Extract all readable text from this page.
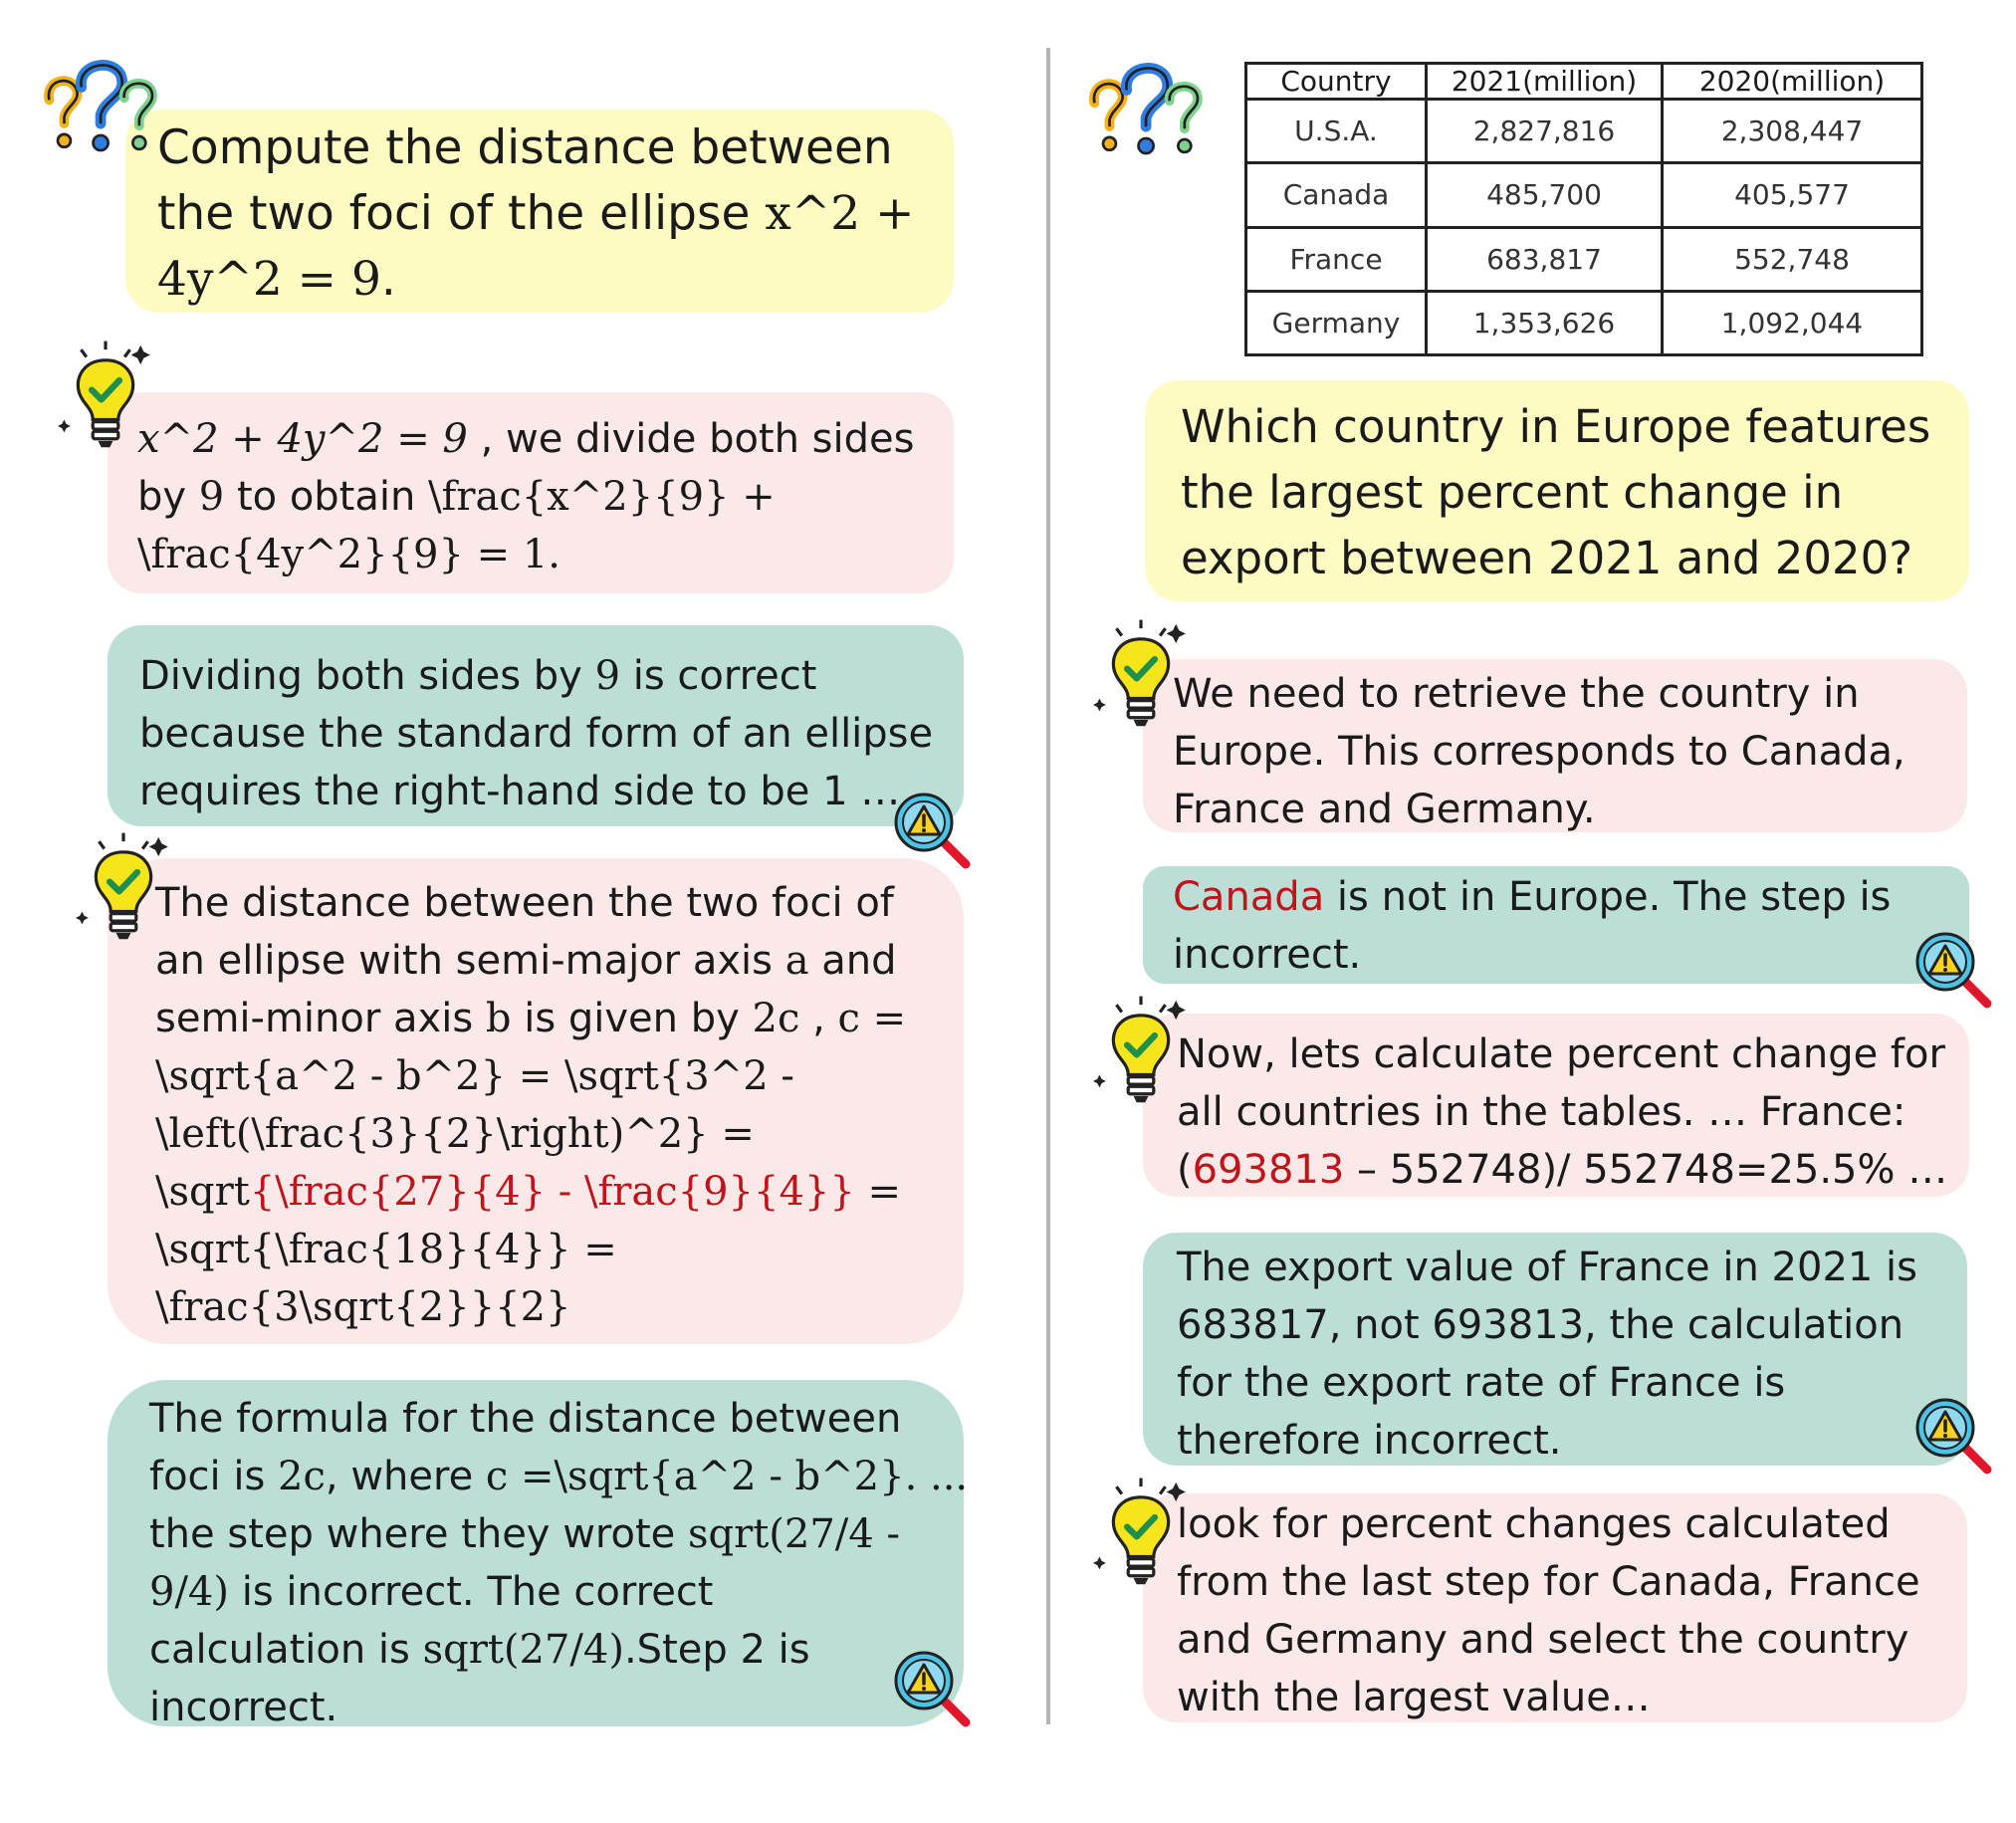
Compute the distance between
the two foci of the ellipse x^2 +
4y^2 = 9.
x^2 + 4y^2 = 9 , we divide both sides
by 9 to obtain \frac{x^2}{9} +
\frac{4y^2}{9} = 1.
Dividing both sides by 9 is correct
because the standard form of an ellipse
requires the right-hand side to be 1 …
The distance between the two foci of
an ellipse with semi-major axis a and
semi-minor axis b is given by 2c , c =
\sqrt{a^2 - b^2} = \sqrt{3^2 -
\left(\frac{3}{2}\right)^2} =
\sqrt{\frac{27}{4} - \frac{9}{4}} =
\sqrt{\frac{18}{4}} =
\frac{3\sqrt{2}}{2}
The formula for the distance between
foci is 2c, where c =\sqrt{a^2 - b^2}. ...
the step where they wrote sqrt(27/4 -
9/4) is incorrect. The correct
calculation is sqrt(27/4).Step 2 is
incorrect.
Country	2021(million)	2020(million)
U.S.A.	2,827,816	2,308,447
Canada	485,700	405,577
France	683,817	552,748
Germany	1,353,626	1,092,044
Which country in Europe features
the largest percent change in
export between 2021 and 2020?
We need to retrieve the country in
Europe. This corresponds to Canada,
France and Germany.
Canada is not in Europe. The step is
incorrect.
Now, lets calculate percent change for
all countries in the tables. … France:
(693813 – 552748)/ 552748=25.5% …
The export value of France in 2021 is
683817, not 693813, the calculation
for the export rate of France is
therefore incorrect.
look for percent changes calculated
from the last step for Canada, France
and Germany and select the country
with the largest value…
